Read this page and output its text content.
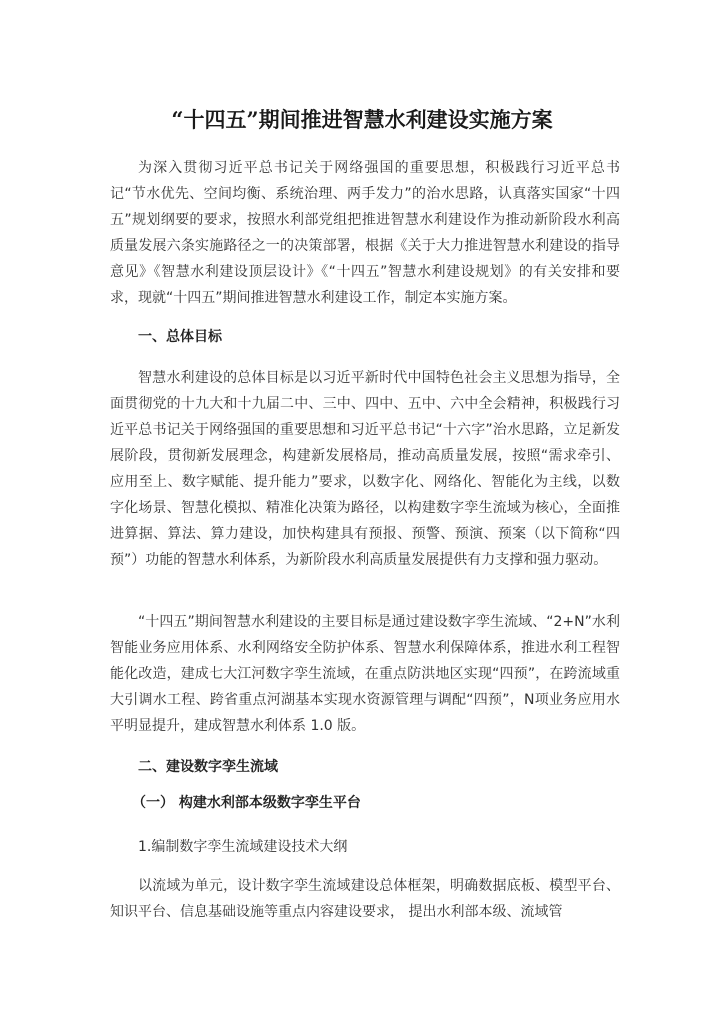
“十四五”期间推进智慧水利建设实施方案

为深入贯彻习近平总书记关于网络强国的重要思想，积极践行习近平总书记“节水优先、空间均衡、系统治理、两手发力”的治水思路，认真落实国家“十四五”规划纲要的要求，按照水利部党组把推进智慧水利建设作为推动新阶段水利高质量发展六条实施路径之一的决策部署，根据《关于大力推进智慧水利建设的指导意见》《智慧水利建设顶层设计》《“十四五”智慧水利建设规划》的有关安排和要求，现就“十四五”期间推进智慧水利建设工作，制定本实施方案。

一、总体目标

智慧水利建设的总体目标是以习近平新时代中国特色社会主义思想为指导，全面贯彻党的十九大和十九届二中、三中、四中、五中、六中全会精神，积极践行习近平总书记关于网络强国的重要思想和习近平总书记“十六字”治水思路，立足新发展阶段，贯彻新发展理念，构建新发展格局，推动高质量发展，按照“需求牵引、应用至上、数字赋能、提升能力”要求，以数字化、网络化、智能化为主线，以数字化场景、智慧化模拟、精准化决策为路径，以构建数字孪生流域为核心，全面推进算据、算法、算力建设，加快构建具有预报、预警、预演、预案（以下简称“四预”）功能的智慧水利体系，为新阶段水利高质量发展提供有力支撑和强力驱动。

“十四五”期间智慧水利建设的主要目标是通过建设数字孪生流域、“2+N”水利智能业务应用体系、水利网络安全防护体系、智慧水利保障体系，推进水利工程智能化改造，建成七大江河数字孪生流域，在重点防洪地区实现“四预”，在跨流域重大引调水工程、跨省重点河湖基本实现水资源管理与调配“四预”，N项业务应用水平明显提升，建成智慧水利体系 1.0 版。

二、建设数字孪生流域
（一） 构建水利部本级数字孪生平台

1.编制数字孪生流域建设技术大纲

以流域为单元，设计数字孪生流域建设总体框架，明确数据底板、模型平台、知识平台、信息基础设施等重点内容建设要求， 提出水利部本级、流域管
